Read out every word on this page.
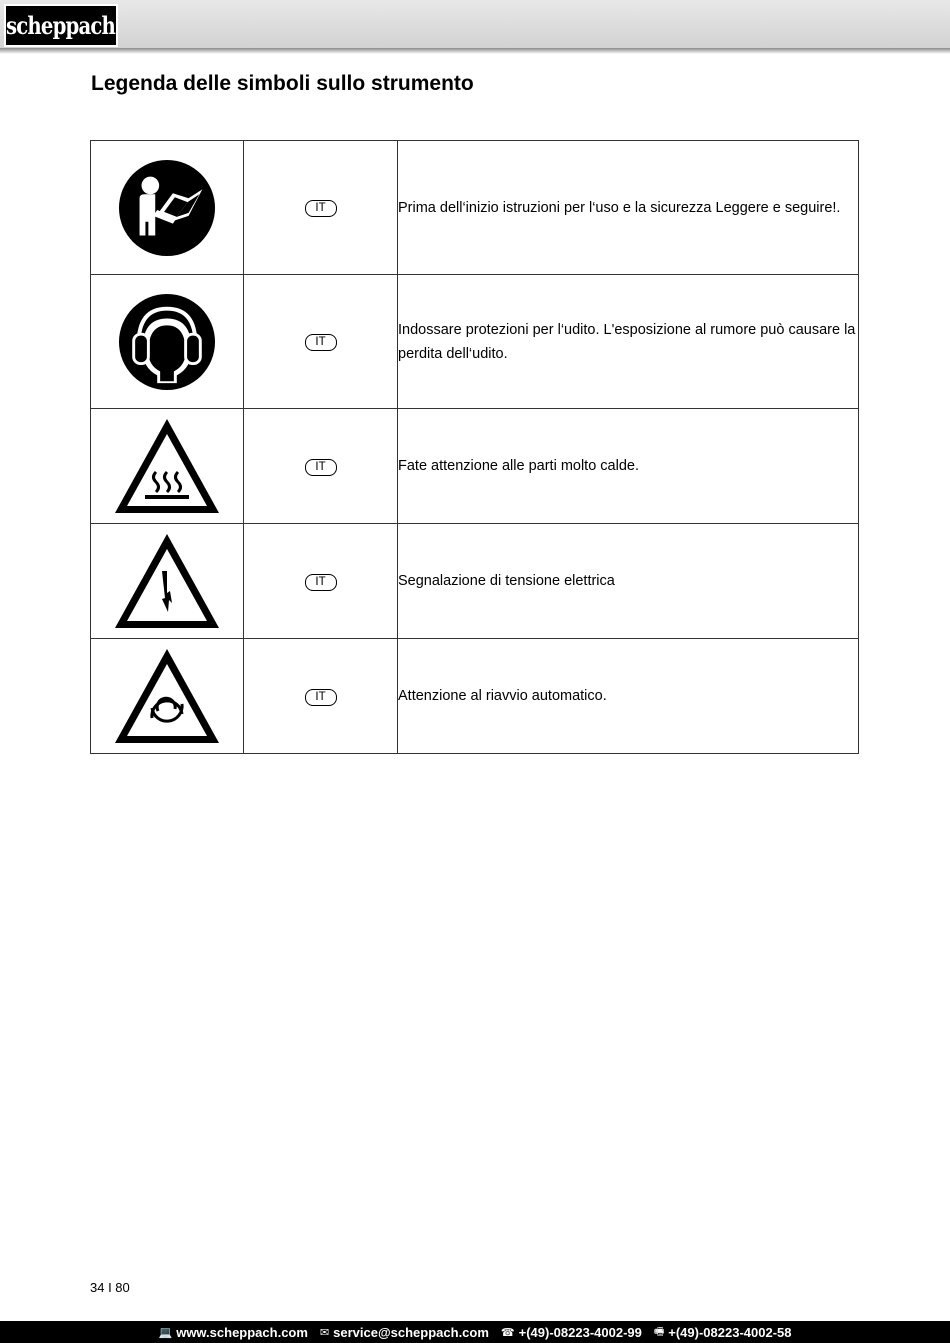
scheppach
Legenda delle simboli sullo strumento
	IT	Prima dell‘inizio istruzioni per l‘uso e la sicurezza Leggere e seguire!.

	IT	Indossare protezioni per l‘udito. L'esposizione al rumore può causare la perdita dell‘udito.

	IT	Fate attenzione alle parti molto calde.

	IT	Segnalazione di tensione elettrica

	IT	Attenzione al riavvio automatico.
34 I 80
💻 www.scheppach.com ✉ service@scheppach.com ☎ +(49)-08223-4002-99 🖷 +(49)-08223-4002-58
